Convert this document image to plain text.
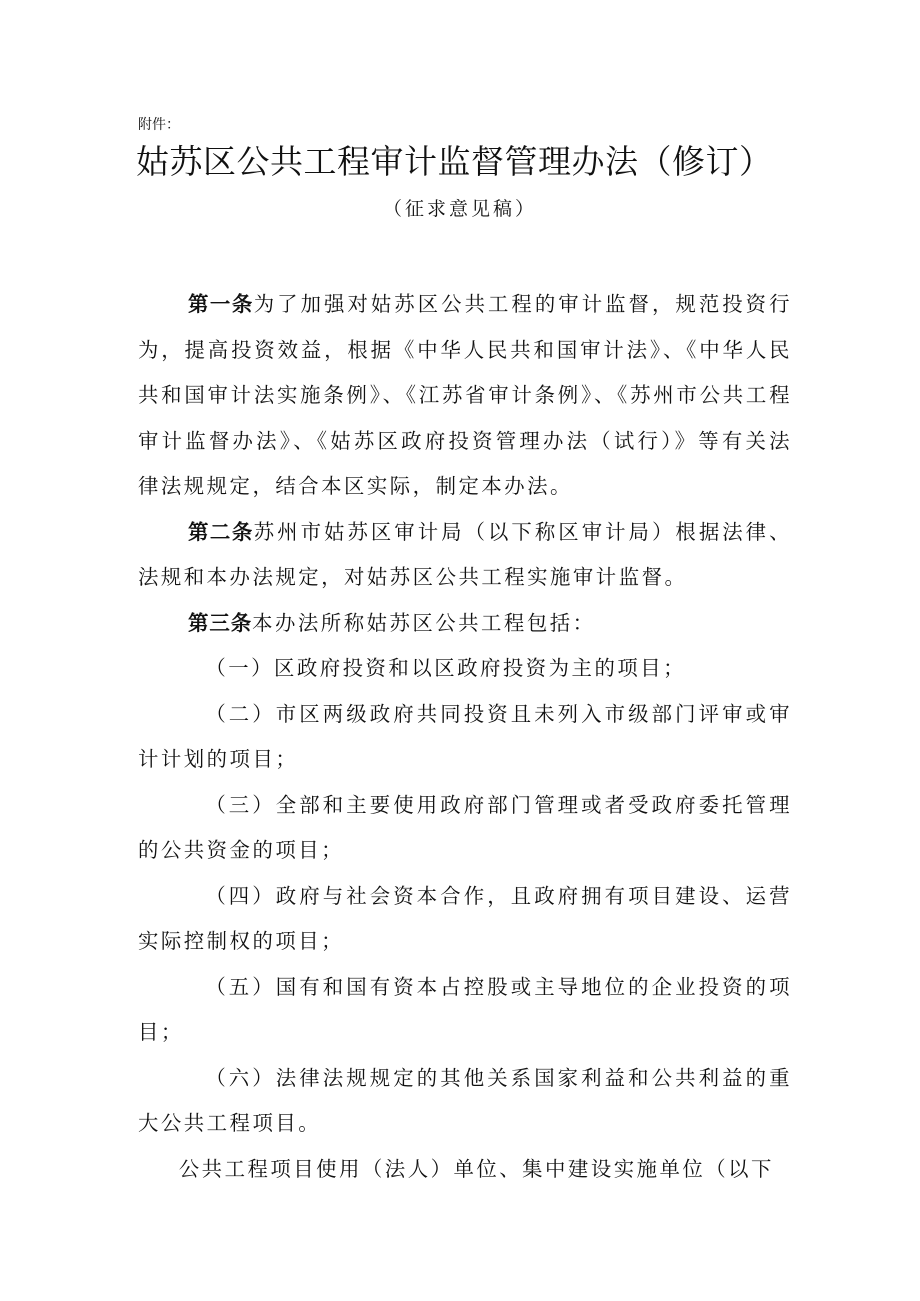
附件：
姑苏区公共工程审计监督管理办法（修订）
（征求意见稿）

第一条为了加强对姑苏区公共工程的审计监督，规范投资行为，提高投资效益，根据《中华人民共和国审计法》、《中华人民共和国审计法实施条例》、《江苏省审计条例》、《苏州市公共工程审计监督办法》、《姑苏区政府投资管理办法（试行）》等有关法律法规规定，结合本区实际，制定本办法。

第二条苏州市姑苏区审计局（以下称区审计局）根据法律、法规和本办法规定，对姑苏区公共工程实施审计监督。

第三条本办法所称姑苏区公共工程包括：

（一）区政府投资和以区政府投资为主的项目；

（二）市区两级政府共同投资且未列入市级部门评审或审计计划的项目；

（三）全部和主要使用政府部门管理或者受政府委托管理的公共资金的项目；

（四）政府与社会资本合作，且政府拥有项目建设、运营实际控制权的项目；

（五）国有和国有资本占控股或主导地位的企业投资的项目；

（六）法律法规规定的其他关系国家利益和公共利益的重大公共工程项目。

公共工程项目使用（法人）单位、集中建设实施单位（以下
